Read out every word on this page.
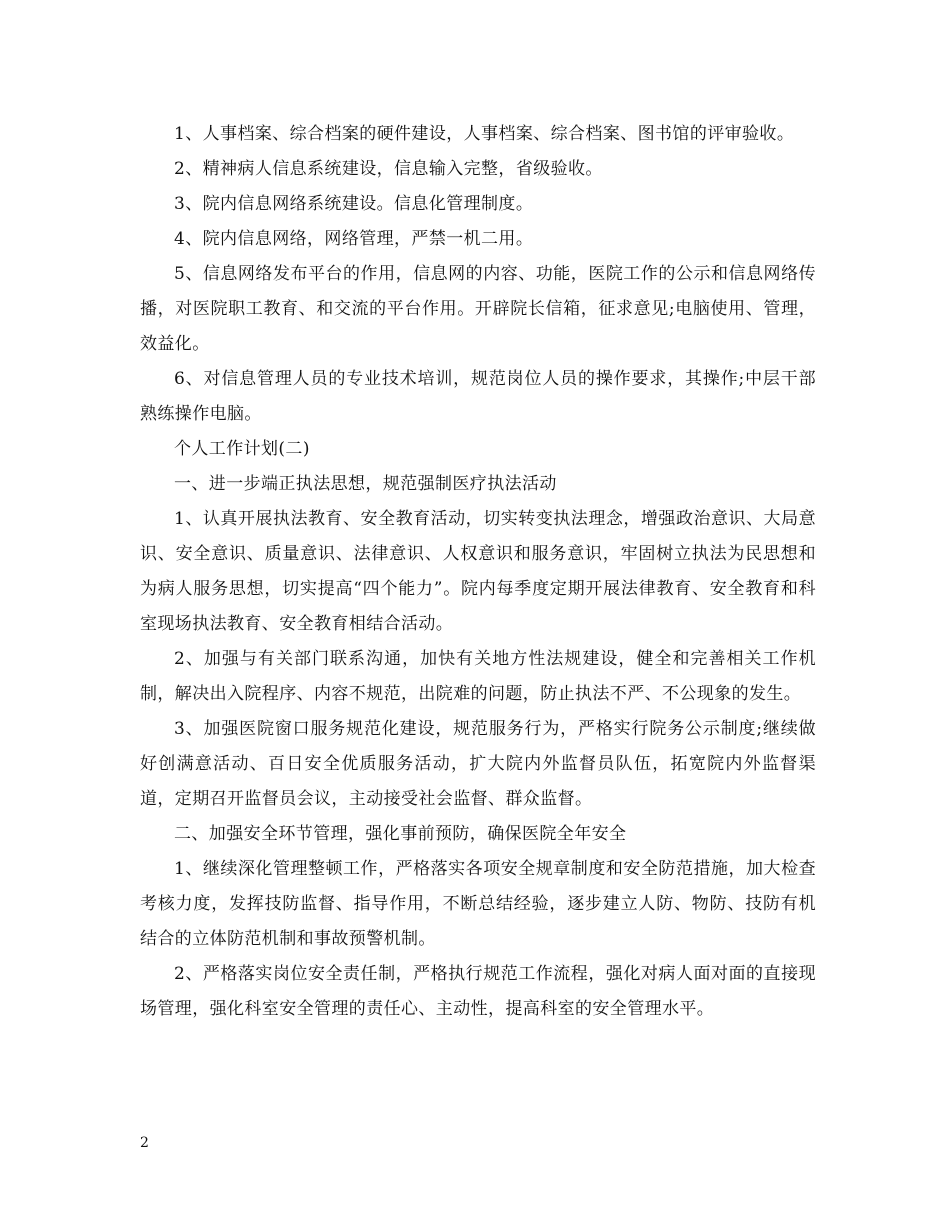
1、人事档案、综合档案的硬件建设，人事档案、综合档案、图书馆的评审验收。

2、精神病人信息系统建设，信息输入完整，省级验收。

3、院内信息网络系统建设。信息化管理制度。

4、院内信息网络，网络管理，严禁一机二用。

5、信息网络发布平台的作用，信息网的内容、功能，医院工作的公示和信息网络传播，对医院职工教育、和交流的平台作用。开辟院长信箱，征求意见;电脑使用、管理，效益化。

6、对信息管理人员的专业技术培训，规范岗位人员的操作要求，其操作;中层干部熟练操作电脑。

个人工作计划(二)

一、进一步端正执法思想，规范强制医疗执法活动

1、认真开展执法教育、安全教育活动，切实转变执法理念，增强政治意识、大局意识、安全意识、质量意识、法律意识、人权意识和服务意识，牢固树立执法为民思想和为病人服务思想，切实提高“四个能力”。院内每季度定期开展法律教育、安全教育和科室现场执法教育、安全教育相结合活动。

2、加强与有关部门联系沟通，加快有关地方性法规建设，健全和完善相关工作机制，解决出入院程序、内容不规范，出院难的问题，防止执法不严、不公现象的发生。

3、加强医院窗口服务规范化建设，规范服务行为，严格实行院务公示制度;继续做好创满意活动、百日安全优质服务活动，扩大院内外监督员队伍，拓宽院内外监督渠道，定期召开监督员会议，主动接受社会监督、群众监督。

二、加强安全环节管理，强化事前预防，确保医院全年安全

1、继续深化管理整顿工作，严格落实各项安全规章制度和安全防范措施，加大检查考核力度，发挥技防监督、指导作用，不断总结经验，逐步建立人防、物防、技防有机结合的立体防范机制和事故预警机制。

2、严格落实岗位安全责任制，严格执行规范工作流程，强化对病人面对面的直接现场管理，强化科室安全管理的责任心、主动性，提高科室的安全管理水平。

2
